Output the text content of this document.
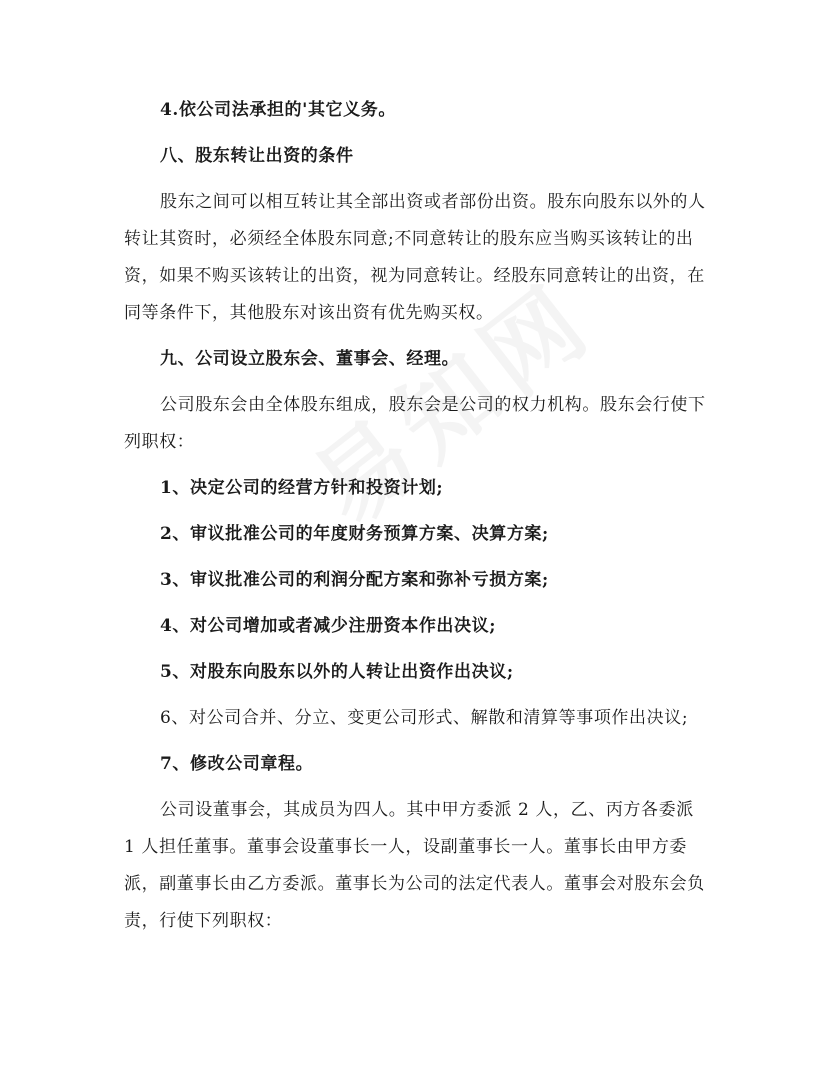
4.依公司法承担的'其它义务。

八、股东转让出资的条件

股东之间可以相互转让其全部出资或者部份出资。股东向股东以外的人转让其资时，必须经全体股东同意;不同意转让的股东应当购买该转让的出资，如果不购买该转让的出资，视为同意转让。经股东同意转让的出资，在同等条件下，其他股东对该出资有优先购买权。

九、公司设立股东会、董事会、经理。

公司股东会由全体股东组成，股东会是公司的权力机构。股东会行使下列职权：

1、决定公司的经营方针和投资计划;

2、审议批准公司的年度财务预算方案、决算方案;

3、审议批准公司的利润分配方案和弥补亏损方案;

4、对公司增加或者减少注册资本作出决议;

5、对股东向股东以外的人转让出资作出决议;

6、对公司合并、分立、变更公司形式、解散和清算等事项作出决议;

7、修改公司章程。

公司设董事会，其成员为四人。其中甲方委派 2 人，乙、丙方各委派 1 人担任董事。董事会设董事长一人，设副董事长一人。董事长由甲方委派，副董事长由乙方委派。董事长为公司的法定代表人。董事会对股东会负责，行使下列职权：
